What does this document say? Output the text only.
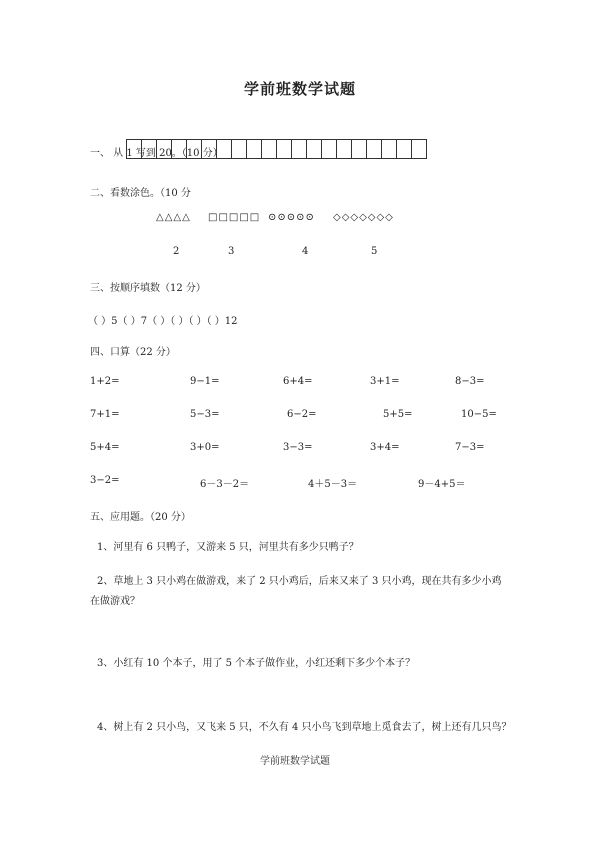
学前班数学试题
一、 从 1 写到 20。（10 分）
二、看数涂色。（10 分
△△△△ □□□□□ ⊙⊙⊙⊙⊙ ◇◇◇◇◇◇◇
2	3	4	5
三、按顺序填数（12 分）
（ ）5（ ）7（ ）（ ）（ ）（ ）12
四、口算（22 分）
1+2=	9−1=	6+4=	3+1=	8−3=
7+1=	5−3=	6−2=	5+5=	10−5=
5+4=	3+0=	3−3=	3+4=	7−3=
3−2=	6－3－2＝	4＋5－3＝	9－4+5＝
五、应用题。（20 分）
1、河里有 6 只鸭子，又游来 5 只，河里共有多少只鸭子？
2、草地上 3 只小鸡在做游戏，来了 2 只小鸡后，后来又来了 3 只小鸡，现在共有多少小鸡
在做游戏？
3、小红有 10 个本子，用了 5 个本子做作业，小红还剩下多少个本子？
4、树上有 2 只小鸟，又飞来 5 只，不久有 4 只小鸟飞到草地上觅食去了，树上还有几只鸟？
学前班数学试题
